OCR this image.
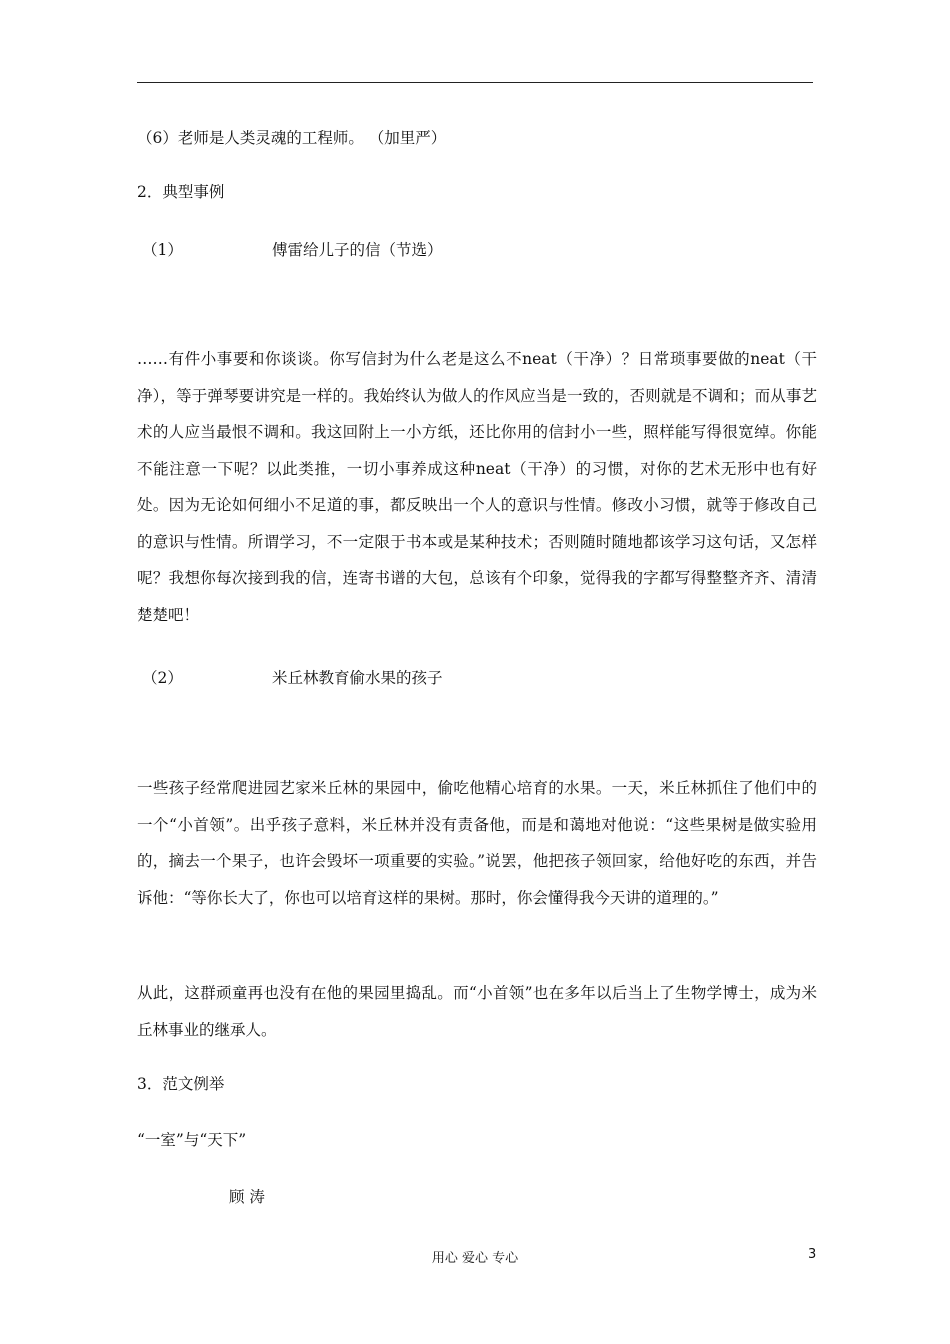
（6）老师是人类灵魂的工程师。 （加里严）
2．典型事例
（1）	傅雷给儿子的信（节选）

……有件小事要和你谈谈。你写信封为什么老是这么不neat（干净）？日常琐事要做的neat（干净），等于弹琴要讲究是一样的。我始终认为做人的作风应当是一致的，否则就是不调和；而从事艺术的人应当最恨不调和。我这回附上一小方纸，还比你用的信封小一些，照样能写得很宽绰。你能不能注意一下呢？以此类推，一切小事养成这种neat（干净）的习惯，对你的艺术无形中也有好处。因为无论如何细小不足道的事，都反映出一个人的意识与性情。修改小习惯，就等于修改自己的意识与性情。所谓学习，不一定限于书本或是某种技术；否则随时随地都该学习这句话，又怎样呢？我想你每次接到我的信，连寄书谱的大包，总该有个印象，觉得我的字都写得整整齐齐、清清楚楚吧！

（2）	米丘林教育偷水果的孩子

一些孩子经常爬进园艺家米丘林的果园中，偷吃他精心培育的水果。一天，米丘林抓住了他们中的一个“小首领”。出乎孩子意料，米丘林并没有责备他，而是和蔼地对他说：“这些果树是做实验用的，摘去一个果子，也许会毁坏一项重要的实验。”说罢，他把孩子领回家，给他好吃的东西，并告诉他：“等你长大了，你也可以培育这样的果树。那时，你会懂得我今天讲的道理的。”

从此，这群顽童再也没有在他的果园里捣乱。而“小首领”也在多年以后当上了生物学博士，成为米丘林事业的继承人。

3．范文例举
“一室”与“天下”
顾 涛
用心 爱心 专心	3
